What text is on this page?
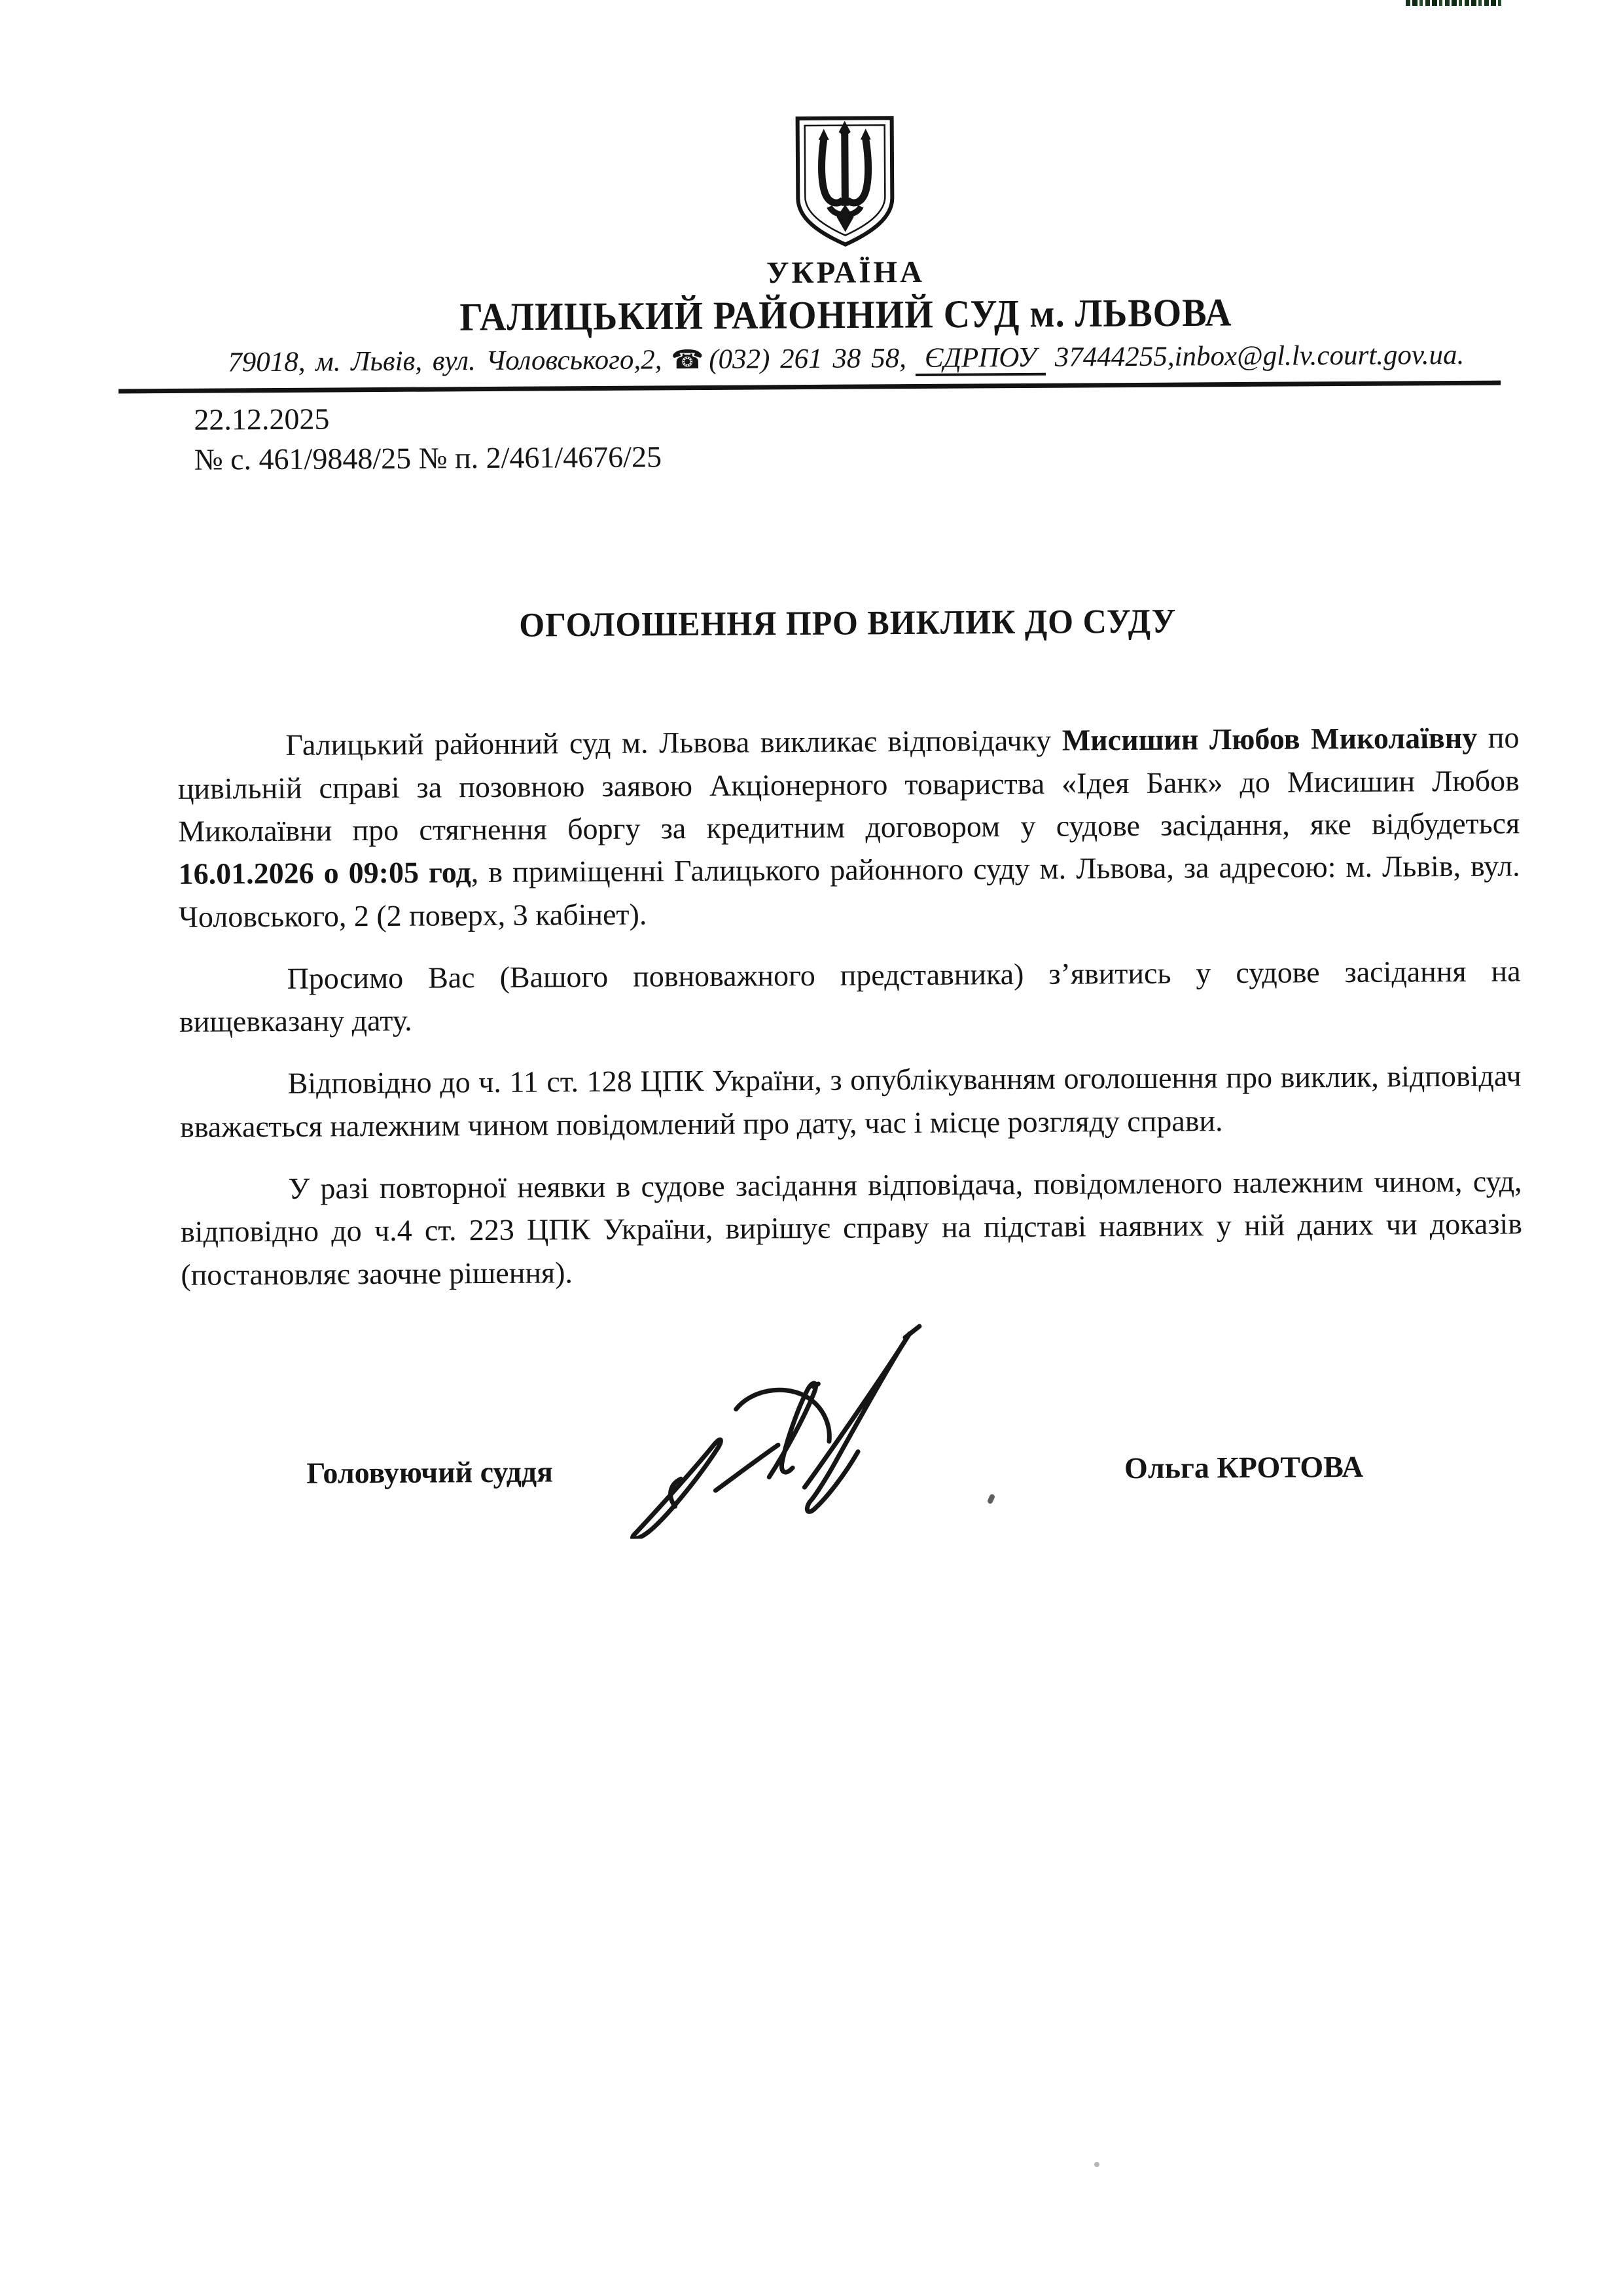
УКРАЇНА
ГАЛИЦЬКИЙ РАЙОННИЙ СУД м. ЛЬВОВА
79018, м. Львів, вул. Чоловського,2, ☎ (032) 261 38 58, ЄДРПОУ 37444255,inbox@gl.lv.court.gov.ua.
22.12.2025
№ с. 461/9848/25 № п. 2/461/4676/25
ОГОЛОШЕННЯ ПРО ВИКЛИК ДО СУДУ

Галицький районний суд м. Львова викликає відповідачку Мисишин Любов Миколаївну по цивільній справі за позовною заявою Акціонерного товариства «Ідея Банк» до Мисишин Любов Миколаївни про стягнення боргу за кредитним договором у судове засідання, яке відбудеться 16.01.2026 о 09:05 год, в приміщенні Галицького районного суду м. Львова, за адресою: м. Львів, вул. Чоловського, 2 (2 поверх, 3 кабінет).

Просимо Вас (Вашого повноважного представника) з’явитись у судове засідання на вищевказану дату.

Відповідно до ч. 11 ст. 128 ЦПК України, з опублікуванням оголошення про виклик, відповідач вважається належним чином повідомлений про дату, час і місце розгляду справи.

У разі повторної неявки в судове засідання відповідача, повідомленого належним чином, суд, відповідно до ч.4 ст. 223 ЦПК України, вирішує справу на підставі наявних у ній даних чи доказів (постановляє заочне рішення).

Головуючий суддя	Ольга КРОТОВА
